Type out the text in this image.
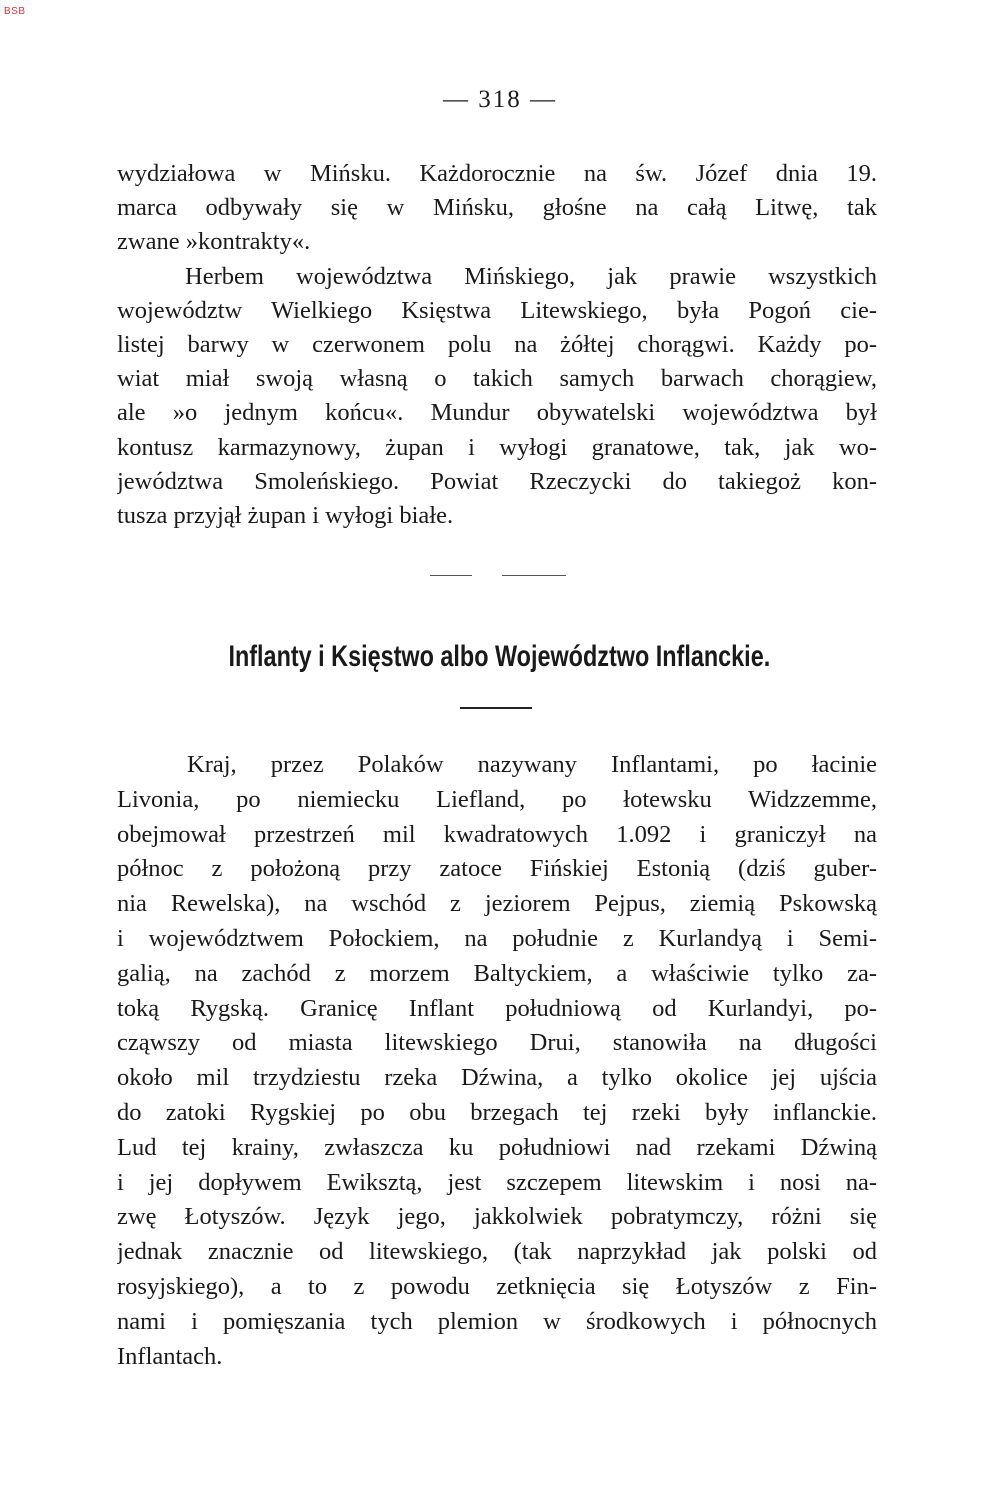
BSB
— 318 —
wydziałowa w Mińsku. Każdorocznie na św. Józef dnia 19.
marca odbywały się w Mińsku, głośne na całą Litwę, tak
zwane »kontrakty«.
Herbem województwa Mińskiego, jak prawie wszystkich
województw Wielkiego Księstwa Litewskiego, była Pogoń cie-
listej barwy w czerwonem polu na żółtej chorągwi. Każdy po-
wiat miał swoją własną o takich samych barwach chorągiew,
ale »o jednym końcu«. Mundur obywatelski województwa był
kontusz karmazynowy, żupan i wyłogi granatowe, tak, jak wo-
jewództwa Smoleńskiego. Powiat Rzeczycki do takiegoż kon-
tusza przyjął żupan i wyłogi białe.
Inflanty i Księstwo albo Województwo Inflanckie.
Kraj, przez Polaków nazywany Inflantami, po łacinie
Livonia, po niemiecku Liefland, po łotewsku Widzzemme,
obejmował przestrzeń mil kwadratowych 1.092 i graniczył na
północ z położoną przy zatoce Fińskiej Estonią (dziś guber-
nia Rewelska), na wschód z jeziorem Pejpus, ziemią Pskowską
i województwem Połockiem, na południe z Kurlandyą i Semi-
galią, na zachód z morzem Baltyckiem, a właściwie tylko za-
toką Rygską. Granicę Inflant południową od Kurlandyi, po-
cząwszy od miasta litewskiego Drui, stanowiła na długości
około mil trzydziestu rzeka Dźwina, a tylko okolice jej ujścia
do zatoki Rygskiej po obu brzegach tej rzeki były inflanckie.
Lud tej krainy, zwłaszcza ku południowi nad rzekami Dźwiną
i jej dopływem Ewiksztą, jest szczepem litewskim i nosi na-
zwę Łotyszów. Język jego, jakkolwiek pobratymczy, różni się
jednak znacznie od litewskiego, (tak naprzykład jak polski od
rosyjskiego), a to z powodu zetknięcia się Łotyszów z Fin-
nami i pomięszania tych plemion w środkowych i północnych
Inflantach.
